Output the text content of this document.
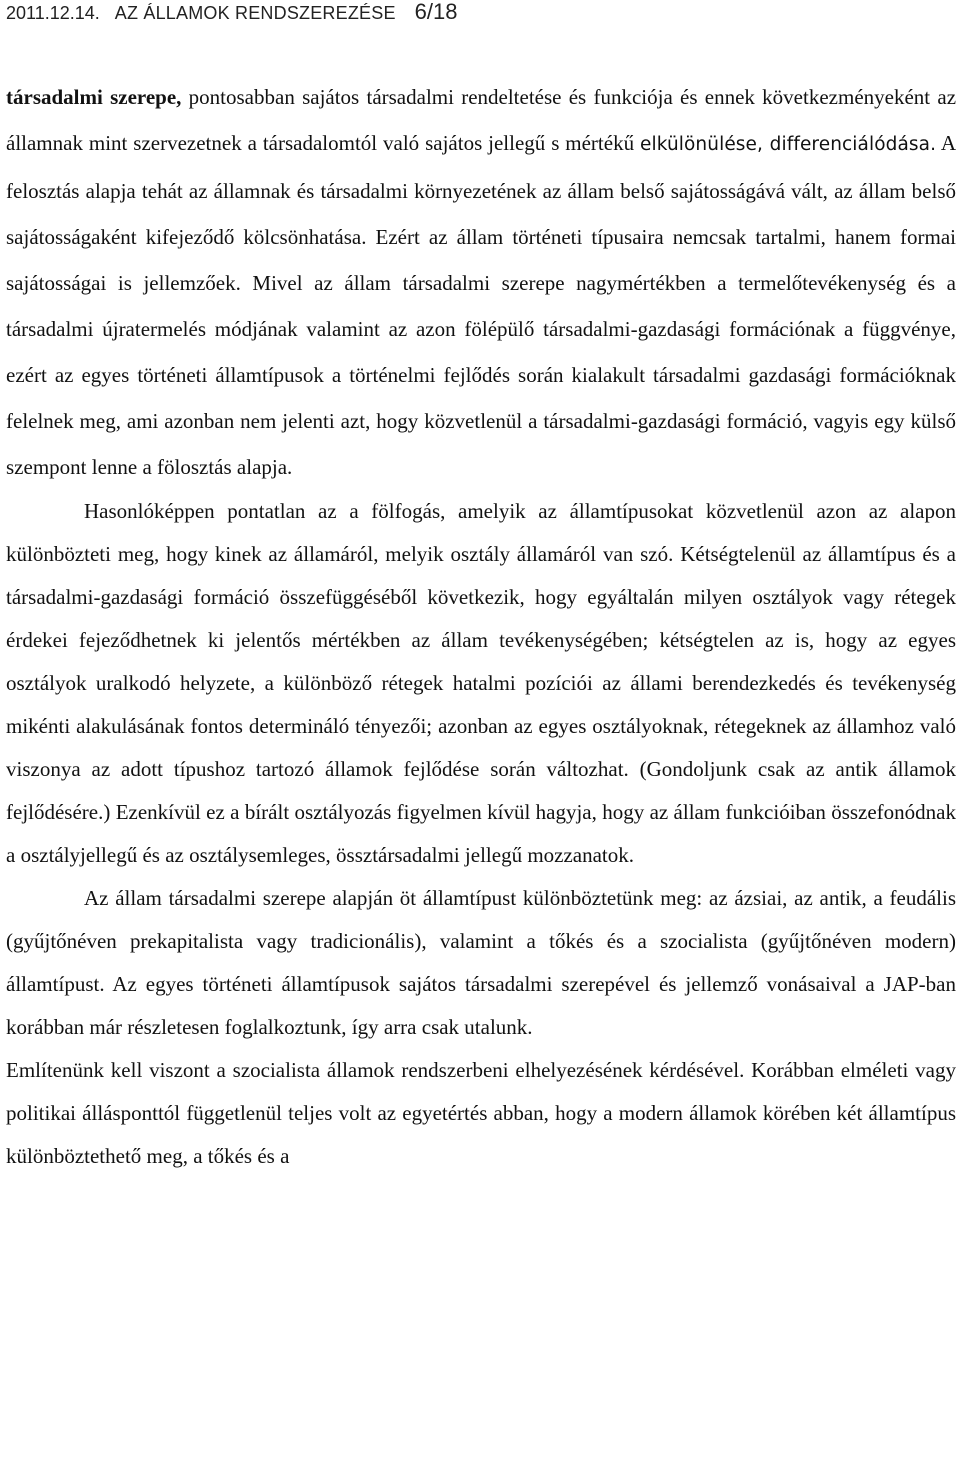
2011.12.14. AZ ÁLLAMOK RENDSZEREZÉSE 6/18

társadalmi szerepe, pontosabban sajátos társadalmi rendeltetése és funkciója és ennek következményeként az államnak mint szervezetnek a társadalomtól való sajátos jellegű s mértékű elkülönülése, differenciálódása. A felosztás alapja tehát az államnak és társadalmi környezetének az állam belső sajátosságává vált, az állam belső sajátosságaként kifejeződő kölcsönhatása. Ezért az állam történeti típusaira nemcsak tartalmi, hanem formai sajátosságai is jellemzőek. Mivel az állam társadalmi szerepe nagymértékben a termelőtevékenység és a társadalmi újratermelés módjának valamint az azon fölépülő társadalmi-gazdasági formációnak a függvénye, ezért az egyes történeti államtípusok a történelmi fejlődés során kialakult társadalmi gazdasági formációknak felelnek meg, ami azonban nem jelenti azt, hogy közvetlenül a társadalmi-gazdasági formáció, vagyis egy külső szempont lenne a fölosztás alapja.

Hasonlóképpen pontatlan az a fölfogás, amelyik az államtípusokat közvetlenül azon az alapon különbözteti meg, hogy kinek az államáról, melyik osztály államáról van szó. Kétségtelenül az államtípus és a társadalmi-gazdasági formáció összefüggéséből következik, hogy egyáltalán milyen osztályok vagy rétegek érdekei fejeződhetnek ki jelentős mértékben az állam tevékenységében; kétségtelen az is, hogy az egyes osztályok uralkodó helyzete, a különböző rétegek hatalmi pozíciói az állami berendezkedés és tevékenység mikénti alakulásának fontos determináló tényezői; azonban az egyes osztályoknak, rétegeknek az államhoz való viszonya az adott típushoz tartozó államok fejlődése során változhat. (Gondoljunk csak az antik államok fejlődésére.) Ezenkívül ez a bírált osztályozás figyelmen kívül hagyja, hogy az állam funkcióiban összefonódnak a osztályjellegű és az osztálysemleges, össztársadalmi jellegű mozzanatok.

Az állam társadalmi szerepe alapján öt államtípust különböztetünk meg: az ázsiai, az antik, a feudális (gyűjtőnéven prekapitalista vagy tradicionális), valamint a tőkés és a szocialista (gyűjtőnéven modern) államtípust. Az egyes történeti államtípusok sajátos társadalmi szerepével és jellemző vonásaival a JAP-ban korábban már részletesen foglalkoztunk, így arra csak utalunk.

Említenünk kell viszont a szocialista államok rendszerbeni elhelyezésének kérdésével. Korábban elméleti vagy politikai állásponttól függetlenül teljes volt az egyetértés abban, hogy a modern államok körében két államtípus különböztethető meg, a tőkés és a
